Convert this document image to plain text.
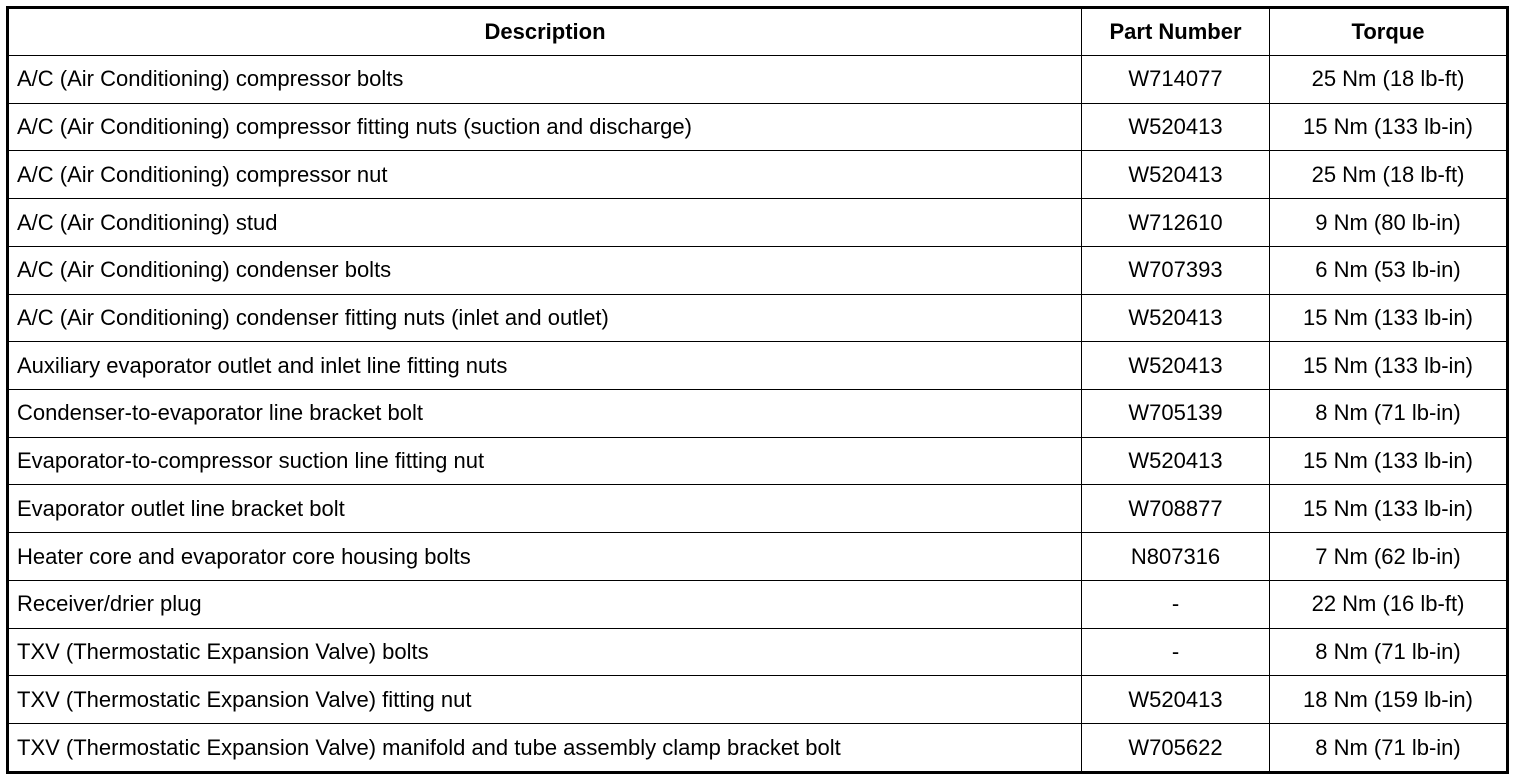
Description	Part Number	Torque
A/C (Air Conditioning) compressor bolts	W714077	25 Nm (18 lb-ft)
A/C (Air Conditioning) compressor fitting nuts (suction and discharge)	W520413	15 Nm (133 lb-in)
A/C (Air Conditioning) compressor nut	W520413	25 Nm (18 lb-ft)
A/C (Air Conditioning) stud	W712610	9 Nm (80 lb-in)
A/C (Air Conditioning) condenser bolts	W707393	6 Nm (53 lb-in)
A/C (Air Conditioning) condenser fitting nuts (inlet and outlet)	W520413	15 Nm (133 lb-in)
Auxiliary evaporator outlet and inlet line fitting nuts	W520413	15 Nm (133 lb-in)
Condenser-to-evaporator line bracket bolt	W705139	8 Nm (71 lb-in)
Evaporator-to-compressor suction line fitting nut	W520413	15 Nm (133 lb-in)
Evaporator outlet line bracket bolt	W708877	15 Nm (133 lb-in)
Heater core and evaporator core housing bolts	N807316	7 Nm (62 lb-in)
Receiver/drier plug	-	22 Nm (16 lb-ft)
TXV (Thermostatic Expansion Valve) bolts	-	8 Nm (71 lb-in)
TXV (Thermostatic Expansion Valve) fitting nut	W520413	18 Nm (159 lb-in)
TXV (Thermostatic Expansion Valve) manifold and tube assembly clamp bracket bolt	W705622	8 Nm (71 lb-in)
